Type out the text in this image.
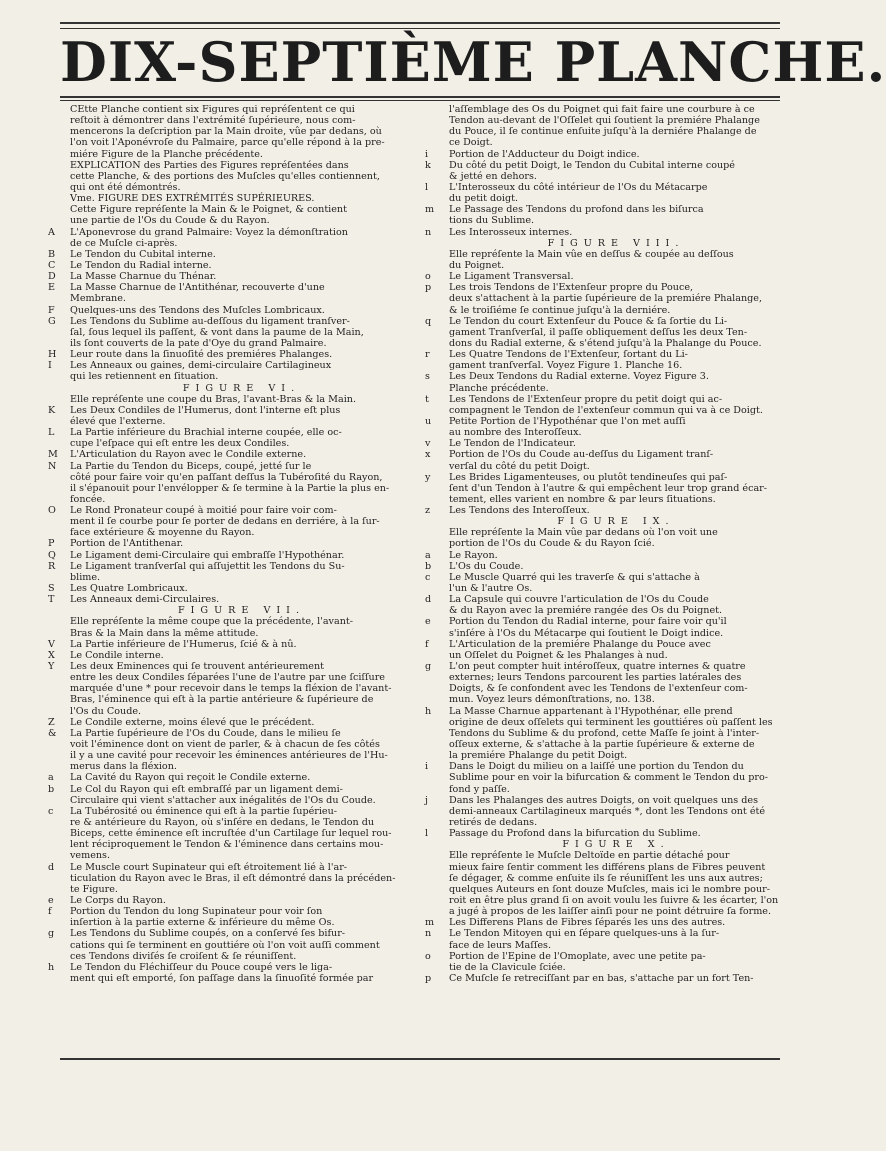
DIX-SEPTIÈME PLANCHE.
CEtte Planche contient six Figures qui repréſentent ce qui
reſtoit à démontrer dans l'extrémité ſupérieure, nous com-
mencerons la deſcription par la Main droite, vûe par dedans, où
l'on voit l'Aponévroſe du Palmaire, parce qu'elle répond à la pre-
miére Figure de la Planche précédente.
EXPLICATION des Parties des Figures repréſentées dans
cette Planche, & des portions des Muſcles qu'elles contiennent,
qui ont été démontrés.
Vme. FIGURE DES EXTRÉMITÉS SUPÉRIEURES.
Cette Figure repréſente la Main & le Poignet, & contient
une partie de l'Os du Coude & du Rayon.
A L'Aponevrose du grand Palmaire: Voyez la démonſtration
de ce Muſcle ci-après.
B Le Tendon du Cubital interne.
C Le Tendon du Radial interne.
D La Masse Charnue du Thénar.
E La Masse Charnue de l'Antithénar, recouverte d'une
Membrane.
F Quelques-uns des Tendons des Muſcles Lombricaux.
G Les Tendons du Sublime au-deſſous du ligament tranſver-
ſal, ſous lequel ils paſſent, & vont dans la paume de la Main,
ils ſont couverts de la pate d'Oye du grand Palmaire.
H Leur route dans la ſinuoſité des premiéres Phalanges.
I Les Anneaux ou gaines, demi-circulaire Cartilagineux
qui les retiennent en ſituation.
FIGURE VI.
Elle repréſente une coupe du Bras, l'avant-Bras & la Main.
K Les Deux Condiles de l'Humerus, dont l'interne eſt plus
élevé que l'externe.
L La Partie inférieure du Brachial interne coupée, elle oc-
cupe l'eſpace qui eſt entre les deux Condiles.
M L'Articulation du Rayon avec le Condile externe.
N La Partie du Tendon du Biceps, coupé, jetté ſur le
côté pour faire voir qu'en paſſant deſſus la Tubéroſité du Rayon,
il s'épanouit pour l'envélopper & ſe termine à la Partie la plus en-
foncée.
O Le Rond Pronateur coupé à moitié pour faire voir com-
ment il ſe courbe pour ſe porter de dedans en derriére, à la ſur-
face extérieure & moyenne du Rayon.
P Portion de l'Antithenar.
Q Le Ligament demi-Circulaire qui embraſſe l'Hypothénar.
R Le Ligament tranſverſal qui aſſujettit les Tendons du Su-
blime.
S Les Quatre Lombricaux.
T Les Anneaux demi-Circulaires.
FIGURE VII.
Elle repréſente la même coupe que la précédente, l'avant-
Bras & la Main dans la même attitude.
V La Partie inférieure de l'Humerus, ſcié & à nû.
X Le Condile interne.
Y Les deux Eminences qui ſe trouvent antérieurement
entre les deux Condiles ſéparées l'une de l'autre par une ſciſſure
marquée d'une * pour recevoir dans le temps la fléxion de l'avant-
Bras, l'éminence qui eſt à la partie antérieure & ſupérieure de
l'Os du Coude.
Z Le Condile externe, moins élevé que le précédent.
& La Partie ſupérieure de l'Os du Coude, dans le milieu ſe
voit l'éminence dont on vient de parler, & à chacun de ſes côtés
il y a une cavité pour recevoir les éminences antérieures de l'Hu-
merus dans la fléxion.
a La Cavité du Rayon qui reçoit le Condile externe.
b Le Col du Rayon qui eſt embraſſé par un ligament demi-
Circulaire qui vient s'attacher aux inégalités de l'Os du Coude.
c La Tubérosité ou éminence qui eſt à la partie ſupérieu-
re & antérieure du Rayon, où s'inſére en dedans, le Tendon du
Biceps, cette éminence eſt incruſtée d'un Cartilage ſur lequel rou-
lent réciproquement le Tendon & l'éminence dans certains mou-
vemens.
d Le Muscle court Supinateur qui eſt étroitement lié à l'ar-
ticulation du Rayon avec le Bras, il eſt démontré dans la précéden-
te Figure.
e Le Corps du Rayon.
f Portion du Tendon du long Supinateur pour voir ſon
inſertion à la partie externe & inférieure du même Os.
g Les Tendons du Sublime coupés, on a conſervé ſes bifur-
cations qui ſe terminent en gouttiére où l'on voit auſſi comment
ces Tendons diviſés ſe croiſent & ſe réuniſſent.
h Le Tendon du Fléchiſſeur du Pouce coupé vers le liga-
ment qui eſt emporté, ſon paſſage dans la ſinuoſité formée par
l'aſſemblage des Os du Poignet qui fait faire une courbure à ce
Tendon au-devant de l'Oſſelet qui ſoutient la premiére Phalange
du Pouce, il ſe continue enſuite juſqu'à la derniére Phalange de
ce Doigt.
i Portion de l'Adducteur du Doigt indice.
k Du côté du petit Doigt, le Tendon du Cubital interne coupé
& jetté en dehors.
l L'Interosseux du côté intérieur de l'Os du Métacarpe
du petit doigt.
m Le Passage des Tendons du profond dans les biſurca
tions du Sublime.
n Les Interosseux internes.
FIGURE VIII.
Elle repréſente la Main vûe en deſſus & coupée au deſſous
du Poignet.
o Le Ligament Transversal.
p Les trois Tendons de l'Extenſeur propre du Pouce,
deux s'attachent à la partie ſupérieure de la premiére Phalange,
& le troiſiéme ſe continue juſqu'à la derniére.
q Le Tendon du court Extenſeur du Pouce & ſa ſortie du Li-
gament Tranſverſal, il paſſe obliquement deſſus les deux Ten-
dons du Radial externe, & s'étend juſqu'à la Phalange du Pouce.
r Les Quatre Tendons de l'Extenſeur, ſortant du Li-
gament tranſverſal. Voyez Figure 1. Planche 16.
s Les Deux Tendons du Radial externe. Voyez Figure 3.
Planche précédente.
t Les Tendons de l'Extenſeur propre du petit doigt qui ac-
compagnent le Tendon de l'extenſeur commun qui va à ce Doigt.
u Petite Portion de l'Hypothénar que l'on met auſſi
au nombre des Interoſſeux.
v Le Tendon de l'Indicateur.
x Portion de l'Os du Coude au-deſſus du Ligament tranſ-
verſal du côté du petit Doigt.
y Les Brides Ligamenteuses, ou plutôt tendineuſes qui paſ-
ſent d'un Tendon à l'autre & qui empêchent leur trop grand écar-
tement, elles varient en nombre & par leurs ſituations.
z Les Tendons des Interoſſeux.
FIGURE IX.
Elle repréſente la Main vûe par dedans où l'on voit une
portion de l'Os du Coude & du Rayon ſcié.
a Le Rayon.
b L'Os du Coude.
c Le Muscle Quarré qui les traverſe & qui s'attache à
l'un & l'autre Os.
d La Capsule qui couvre l'articulation de l'Os du Coude
& du Rayon avec la premiére rangée des Os du Poignet.
e Portion du Tendon du Radial interne, pour faire voir qu'il
s'inſére à l'Os du Métacarpe qui ſoutient le Doigt indice.
f L'Articulation de la premiére Phalange du Pouce avec
un Oſſelet du Poignet & les Phalanges à nud.
g L'on peut compter huit intéroſſeux, quatre internes & quatre
externes; leurs Tendons parcourent les parties latérales des
Doigts, & ſe confondent avec les Tendons de l'extenſeur com-
mun. Voyez leurs démonſtrations, no. 138.
h La Masse Charnue appartenant à l'Hypothénar, elle prend
origine de deux oſſelets qui terminent les gouttiéres où paſſent les
Tendons du Sublime & du profond, cette Maſſe ſe joint à l'inter-
oſſeux externe, & s'attache à la partie ſupérieure & externe de
la premiére Phalange du petit Doigt.
i Dans le Doigt du milieu on a laiſſé une portion du Tendon du
Sublime pour en voir la bifurcation & comment le Tendon du pro-
fond y paſſe.
j Dans les Phalanges des autres Doigts, on voit quelques uns des
demi-anneaux Cartilagineux marqués *, dont les Tendons ont été
retirés de dedans.
l Passage du Profond dans la bifurcation du Sublime.
FIGURE X.
Elle repréſente le Muſcle Deltoïde en partie détaché pour
mieux faire ſentir comment les différens plans de Fibres peuvent
ſe dégager, & comme enſuite ils ſe réuniſſent les uns aux autres;
quelques Auteurs en ſont douze Muſcles, mais ici le nombre pour-
roit en être plus grand ſi on avoit voulu les ſuivre & les écarter, l'on
a jugé à propos de les laiſſer ainſi pour ne point détruire ſa forme.
m Les Differens Plans de Fibres ſéparés les uns des autres.
n Le Tendon Mitoyen qui en ſépare quelques-uns à la ſur-
face de leurs Maſſes.
o Portion de l'Epine de l'Omoplate, avec une petite pa-
tie de la Clavicule ſciée.
p Ce Muſcle ſe retreciſſant par en bas, s'attache par un fort Ten-
